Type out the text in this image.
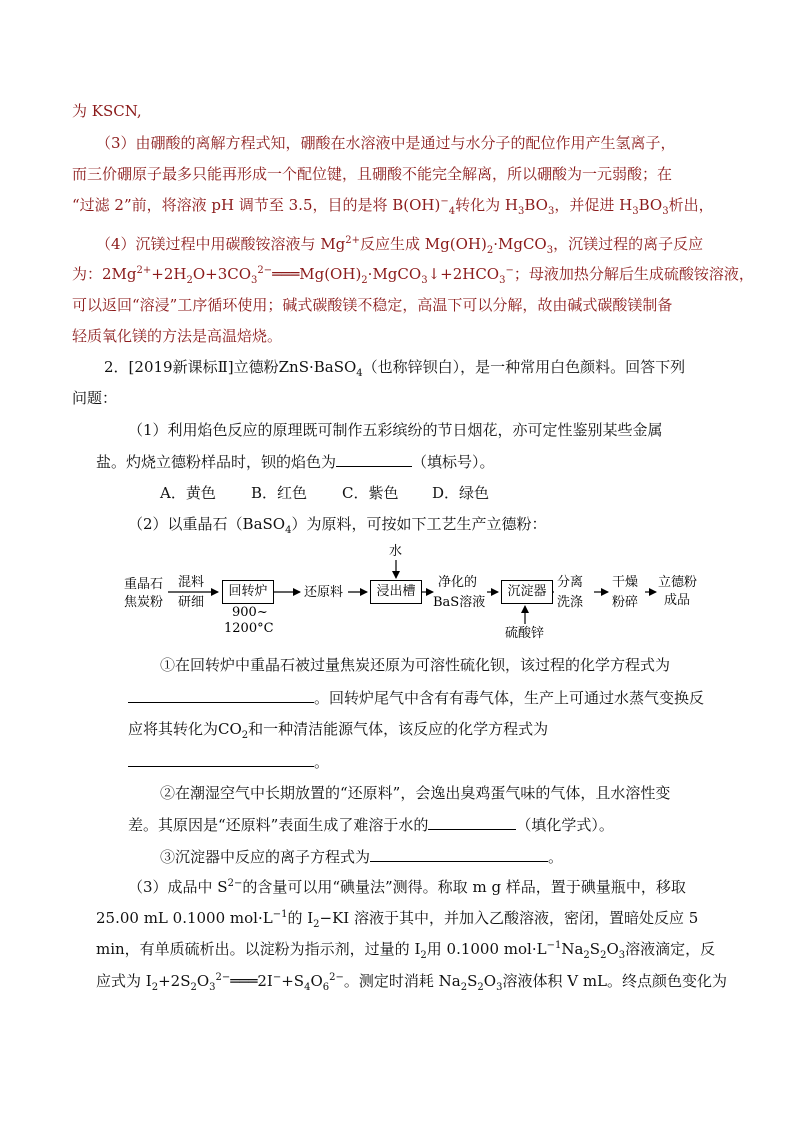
为 KSCN,
（3）由硼酸的离解方程式知，硼酸在水溶液中是通过与水分子的配位作用产生氢离子，
而三价硼原子最多只能再形成一个配位键，且硼酸不能完全解离，所以硼酸为一元弱酸；在
“过滤 2”前，将溶液 pH 调节至 3.5，目的是将 $B(OH)^-_4$转化为 $H_3BO_3$，并促进 $H_3BO_3$析出，
（4）沉镁过程中用碳酸铵溶液与 $Mg^{2+}$反应生成 $Mg(OH)_2\cdot MgCO_3$，沉镁过程的离子反应
为：$2Mg^{2+}+2H_2O+3CO_3^{2-}═══Mg(OH)_2\cdot MgCO_3↓+2HCO_3^-$；母液加热分解后生成硫酸铵溶液，
可以返回“溶浸”工序循环使用；碱式碳酸镁不稳定，高温下可以分解，故由碱式碳酸镁制备
轻质氧化镁的方法是高温焙烧。
2．[2019新课标Ⅱ]立德粉ZnS·BaSO$_4$（也称锌钡白），是一种常用白色颜料。回答下列
问题：
（1）利用焰色反应的原理既可制作五彩缤纷的节日烟花，亦可定性鉴别某些金属
盐。灼烧立德粉样品时，钡的焰色为	（填标号）。
A．黄色 B．红色 C．紫色 D．绿色
（2）以重晶石（BaSO$_4$）为原料，可按如下工艺生产立德粉：
重晶石
焦炭粉
混料
研细
回转炉
900~
1200°C
还原料
水
浸出槽
净化的
BaS溶液
沉淀器
硫酸锌
分离
洗涤
干燥
粉碎
立德粉
成品
①在回转炉中重晶石被过量焦炭还原为可溶性硫化钡，该过程的化学方程式为
。回转炉尾气中含有有毒气体，生产上可通过水蒸气变换反
应将其转化为$CO_2$和一种清洁能源气体，该反应的化学方程式为
。
②在潮湿空气中长期放置的“还原料”，会逸出臭鸡蛋气味的气体，且水溶性变
差。其原因是“还原料”表面生成了难溶于水的	（填化学式）。
③沉淀器中反应的离子方程式为	。
（3）成品中 $S^{2-}$的含量可以用“碘量法”测得。称取 m g 样品，置于碘量瓶中，移取
25.00 mL 0.1000 $mol\cdot L^{-1}$的 $I_2-KI$ 溶液于其中，并加入乙酸溶液，密闭，置暗处反应 5
min，有单质硫析出。以淀粉为指示剂，过量的 $I_2$用 0.1000 $mol\cdot L^{-1}Na_2S_2O_3$溶液滴定，反
应式为 $I_2+2S_2O_3^{2-}═══2I^-+S_4O_6^{2-}$。测定时消耗 $Na_2S_2O_3$溶液体积 V mL。终点颜色变化为
